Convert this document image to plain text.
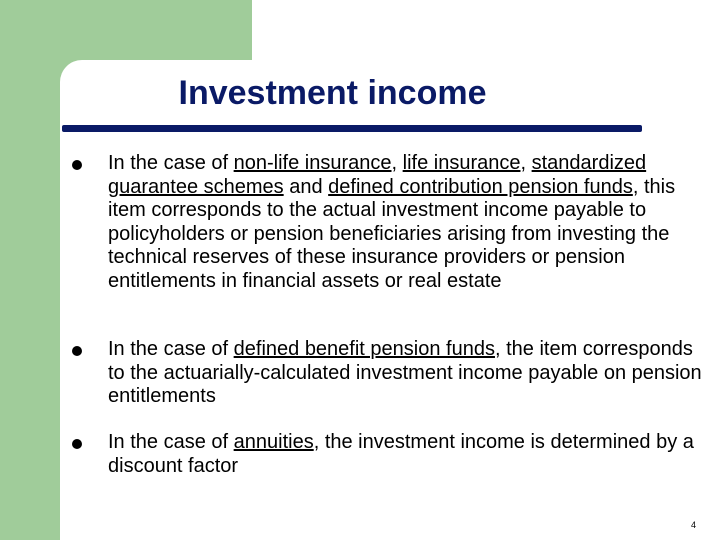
Investment income
In the case of non-life insurance, life insurance, standardized guarantee schemes and defined contribution pension funds, this item corresponds to the actual investment income payable to policyholders or pension beneficiaries arising from investing the technical reserves of these insurance providers or pension entitlements in financial assets or real estate
In the case of defined benefit pension funds, the item corresponds to the actuarially-calculated investment income payable on pension entitlements
In the case of annuities, the investment income is determined by a discount factor
4
